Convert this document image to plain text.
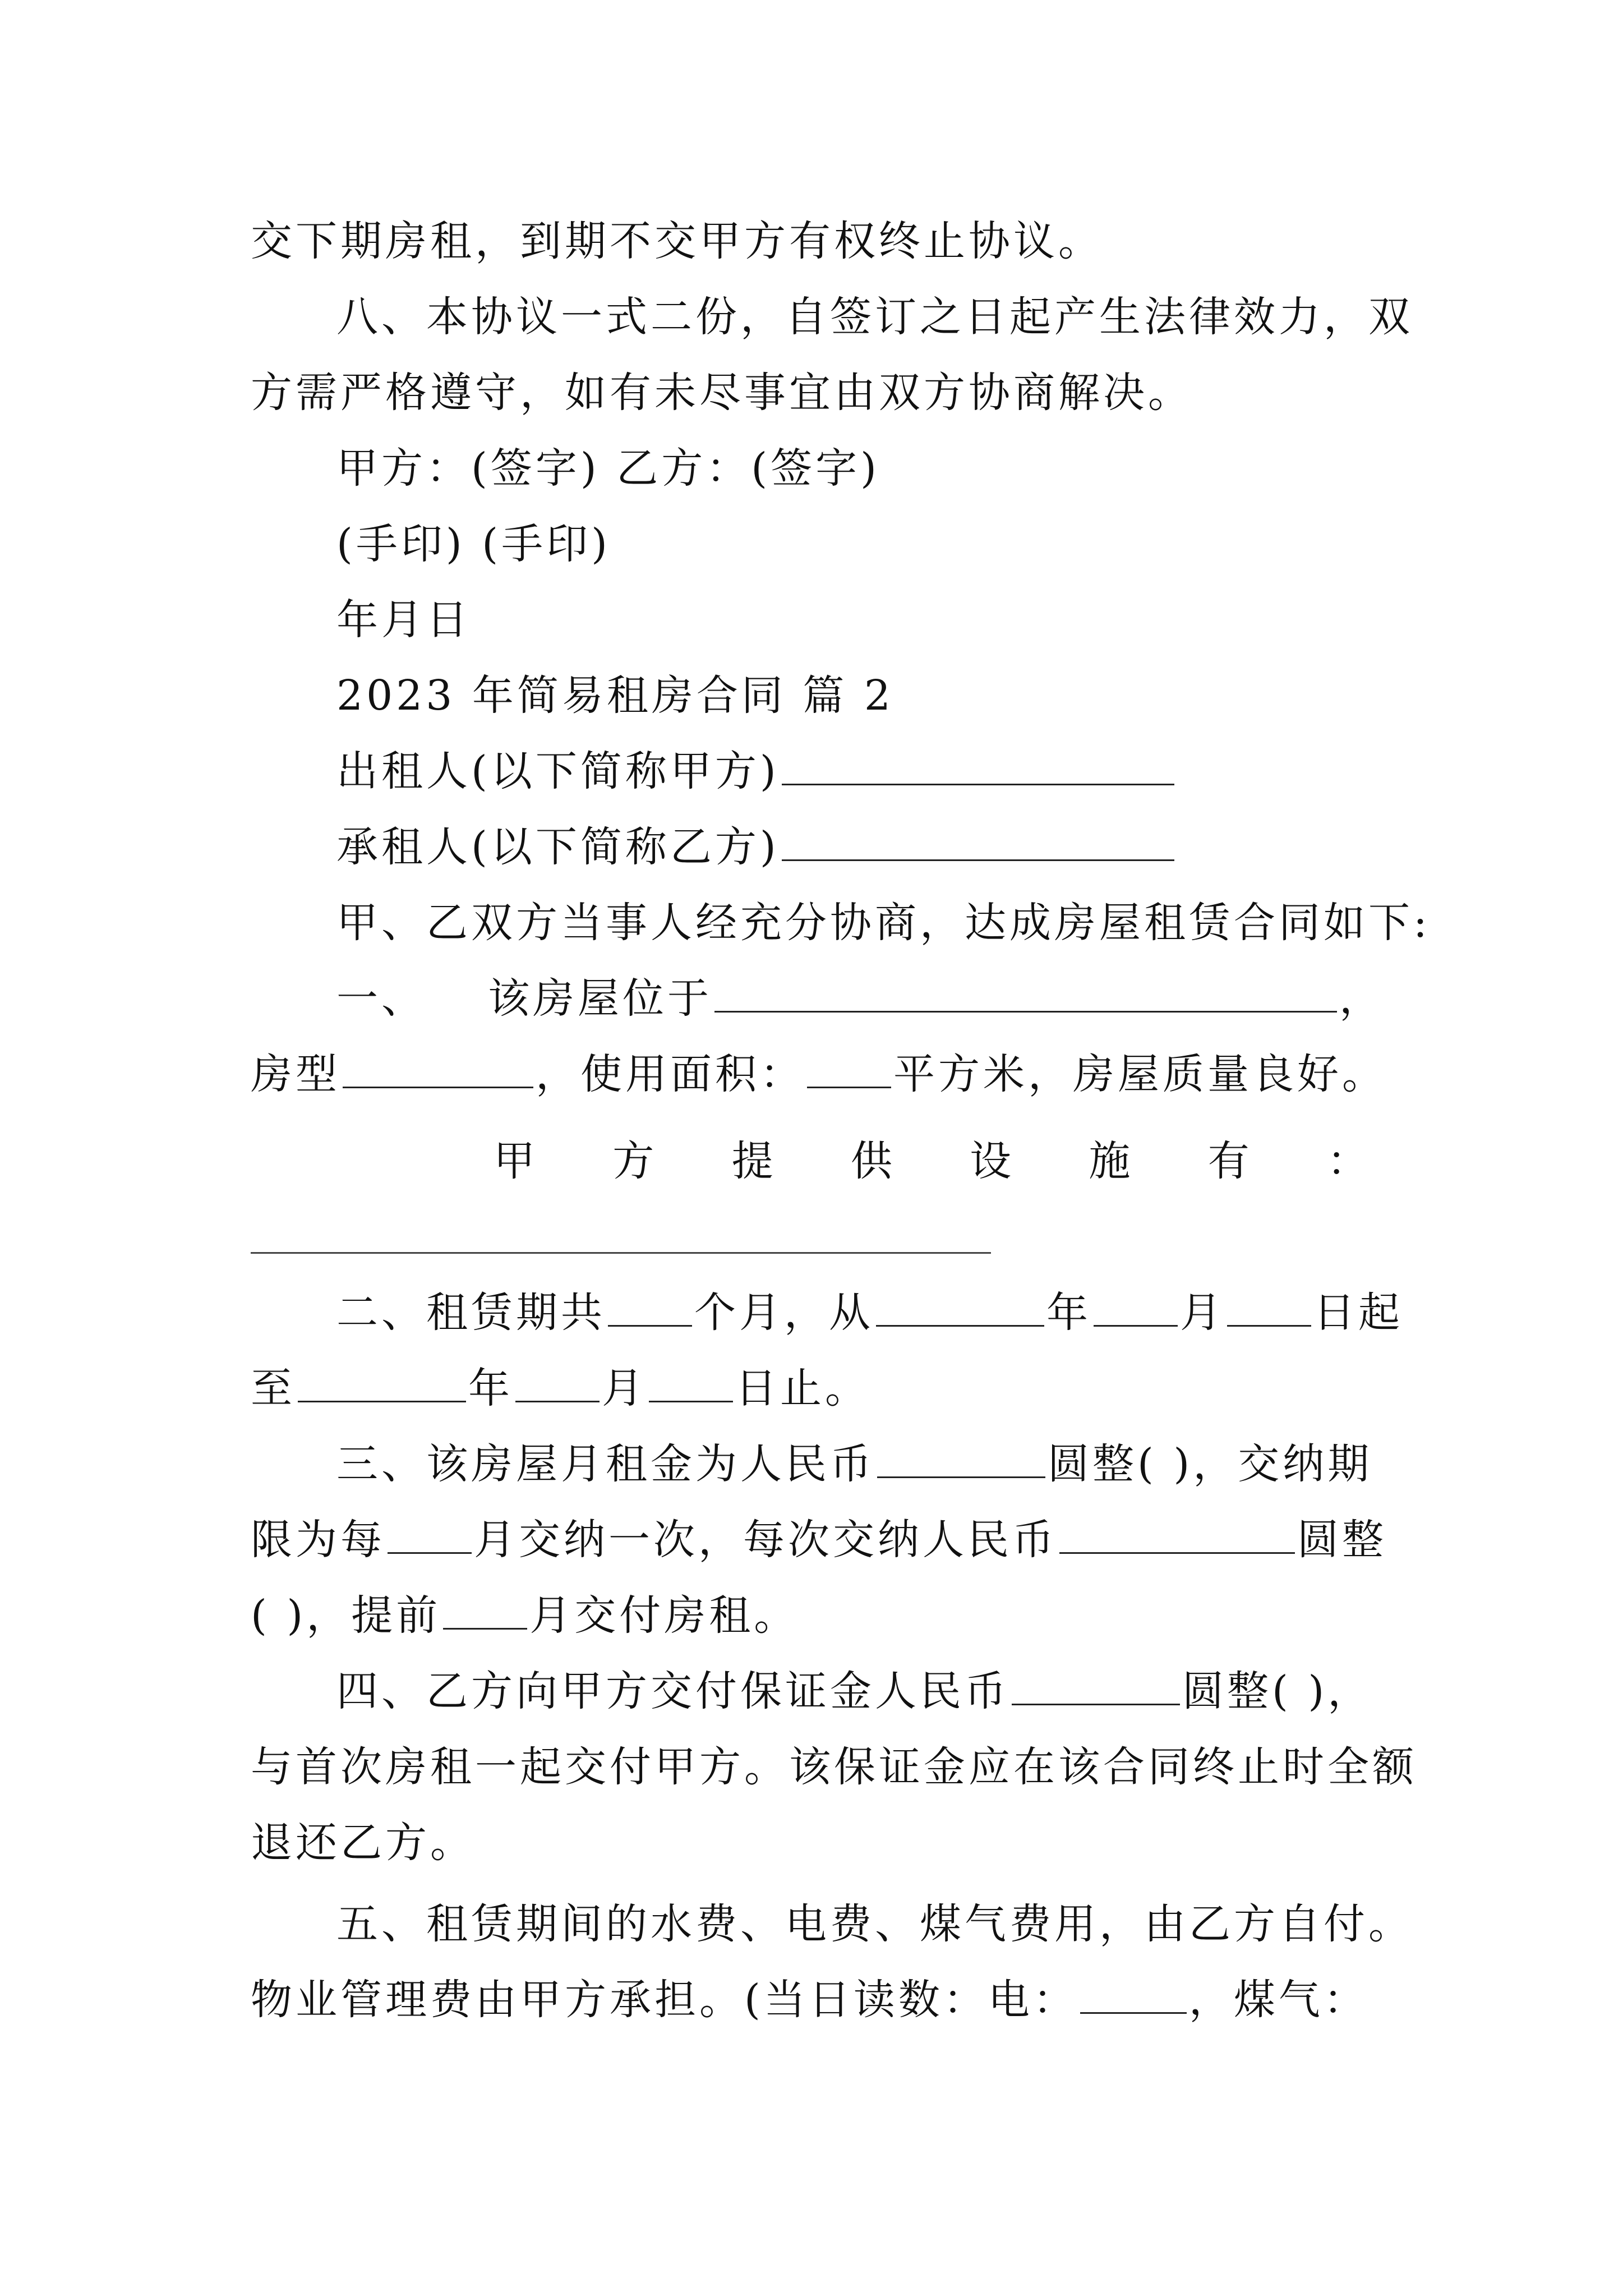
交下期房租，到期不交甲方有权终止协议。
八、本协议一式二份，自签订之日起产生法律效力，双
方需严格遵守，如有未尽事宜由双方协商解决。
甲方：(签字) 乙方：(签字)
(手印) (手印)
年月日
2023 年简易租房合同 篇 2
出租人(以下简称甲方)
承租人(以下简称乙方)
甲、乙双方当事人经充分协商，达成房屋租赁合同如下:
一、 该房屋位于	，
房型	，使用面积： 平方米，房屋质量良好。
甲 方 提 供 设 施 有 ：
二、租赁期共 个月，从	年 月 日起
至	年 月 日止。
三、该房屋月租金为人民币	圆整( )，交纳期
限为每 月交纳一次，每次交纳人民币	圆整
( )，提前 月交付房租。
四、乙方向甲方交付保证金人民币	圆整( )，
与首次房租一起交付甲方。该保证金应在该合同终止时全额
退还乙方。
五、租赁期间的水费、电费、煤气费用，由乙方自付。
物业管理费由甲方承担。(当日读数：电：	，煤气：
